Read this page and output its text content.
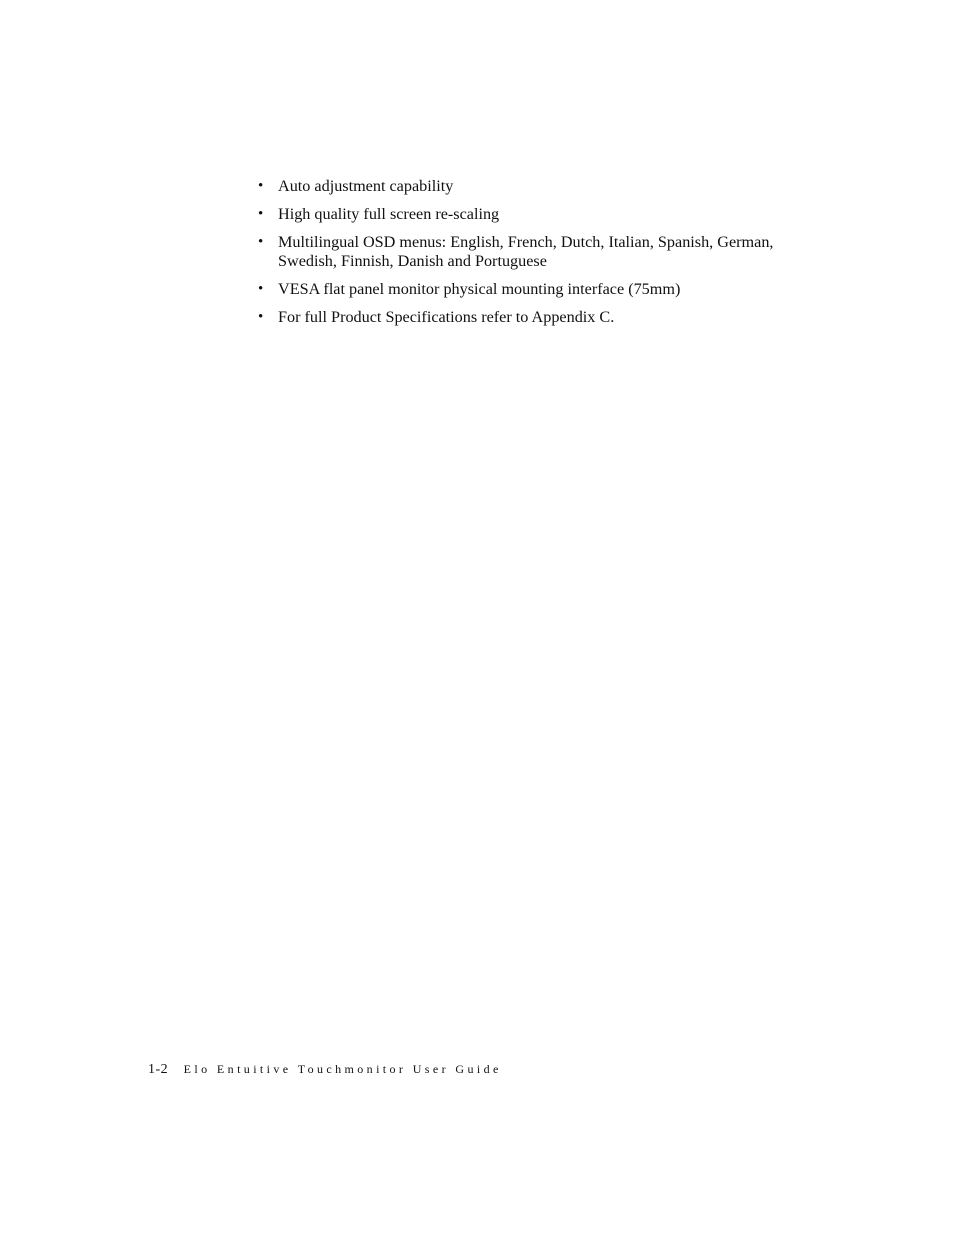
• Auto adjustment capability
• High quality full screen re-scaling
• Multilingual OSD menus: English, French, Dutch, Italian, Spanish, German, Swedish, Finnish, Danish and Portuguese
• VESA flat panel monitor physical mounting interface (75mm)
• For full Product Specifications refer to Appendix C.
1-2 Elo Entuitive Touchmonitor User Guide
